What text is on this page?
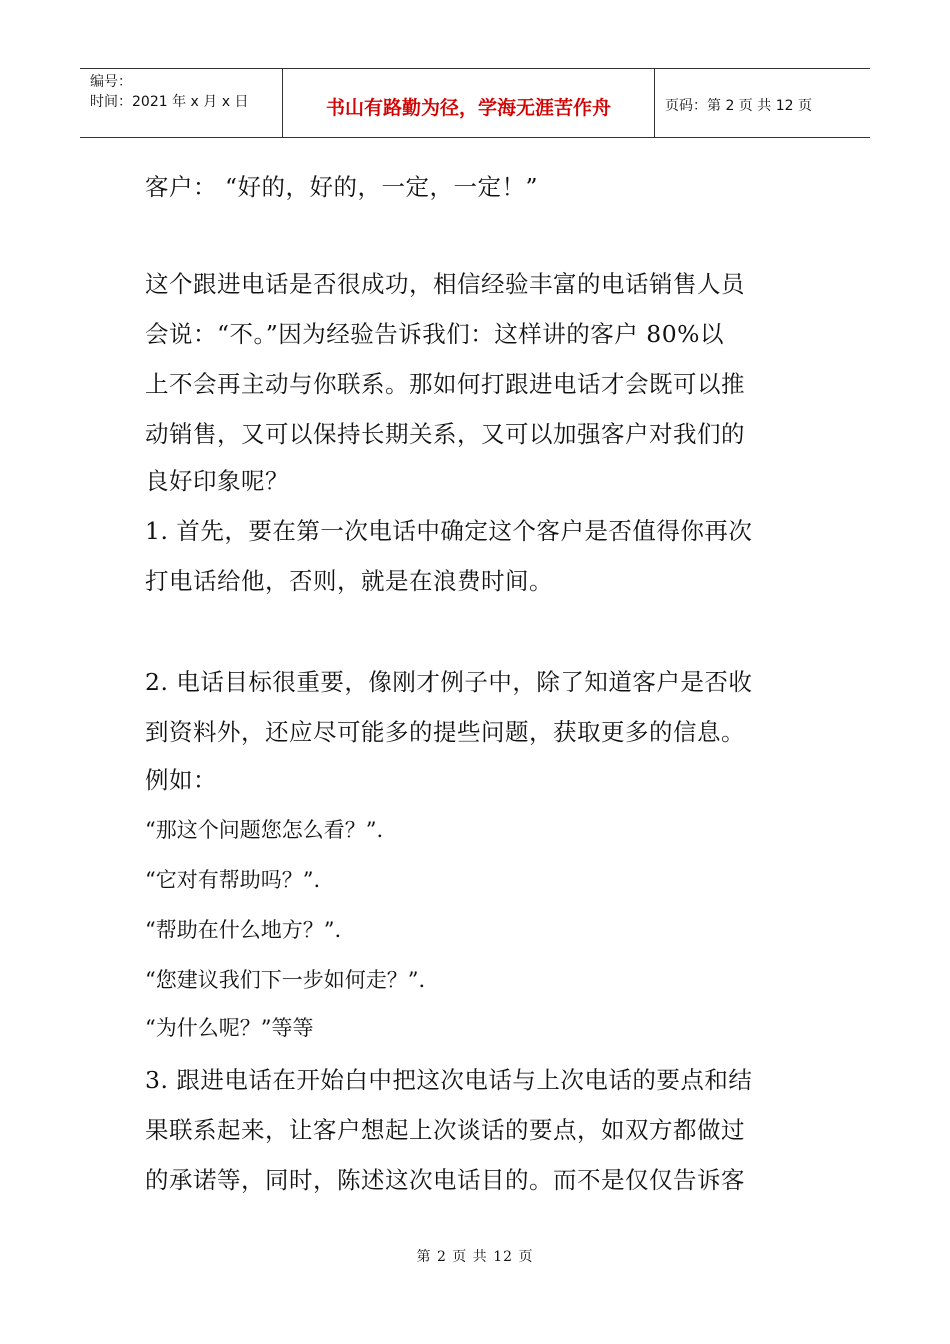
编号：
时间：2021 年 x 月 x 日	书山有路勤为径，学海无涯苦作舟	页码：第 2 页 共 12 页
客户： “好的，好的，一定，一定！”
这个跟进电话是否很成功，相信经验丰富的电话销售人员
会说：“不。”因为经验告诉我们：这样讲的客户 80%以
上不会再主动与你联系。那如何打跟进电话才会既可以推
动销售，又可以保持长期关系，又可以加强客户对我们的
良好印象呢？
1. 首先，要在第一次电话中确定这个客户是否值得你再次
打电话给他，否则，就是在浪费时间。
2. 电话目标很重要，像刚才例子中，除了知道客户是否收
到资料外，还应尽可能多的提些问题，获取更多的信息。
例如：
“那这个问题您怎么看？”.
“它对有帮助吗？”.
“帮助在什么地方？”.
“您建议我们下一步如何走？”.
“为什么呢？”等等
3. 跟进电话在开始白中把这次电话与上次电话的要点和结
果联系起来，让客户想起上次谈话的要点，如双方都做过
的承诺等，同时，陈述这次电话目的。而不是仅仅告诉客
第 2 页 共 12 页
